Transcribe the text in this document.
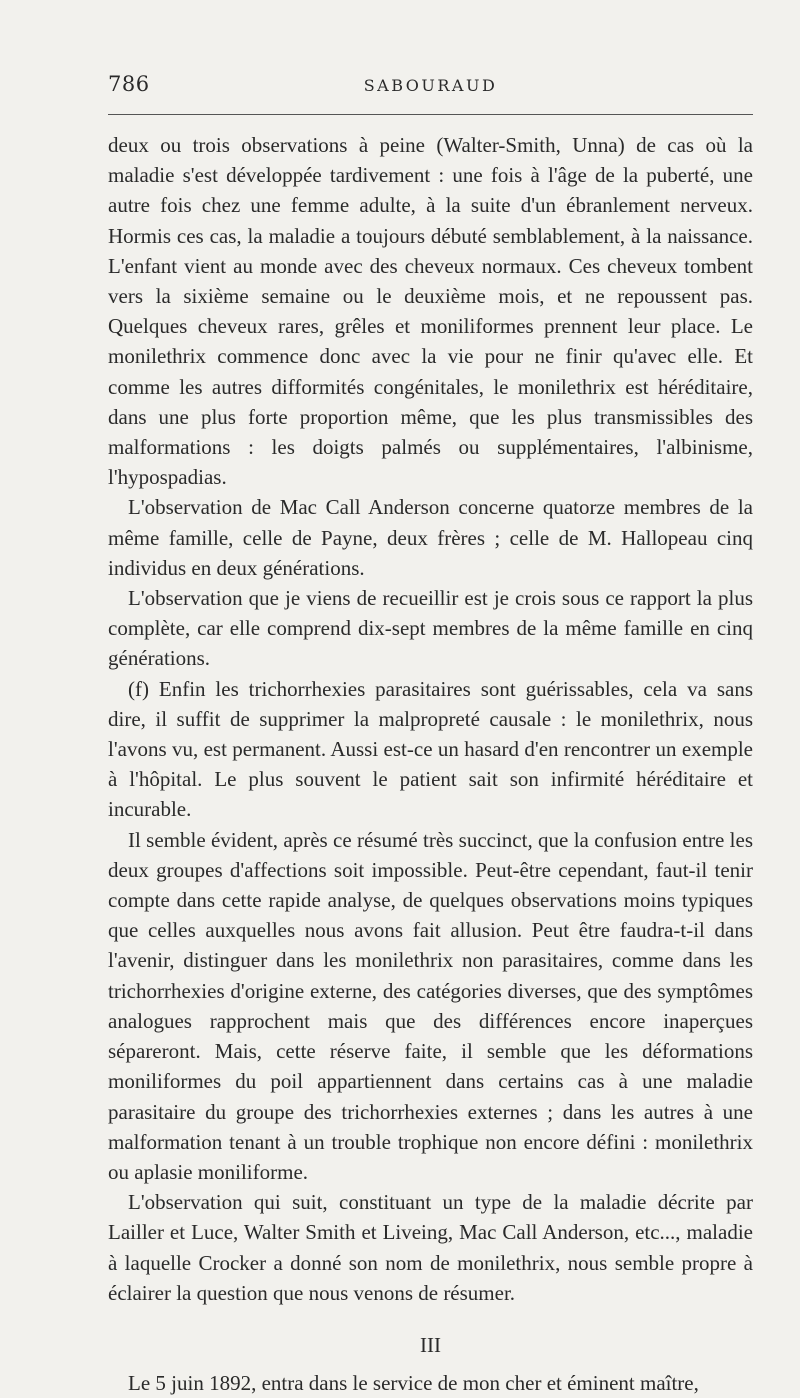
786	SABOURAUD

deux ou trois observations à peine (Walter-Smith, Unna) de cas où la maladie s'est développée tardivement : une fois à l'âge de la puberté, une autre fois chez une femme adulte, à la suite d'un ébranlement nerveux. Hormis ces cas, la maladie a toujours débuté semblablement, à la naissance. L'enfant vient au monde avec des cheveux normaux. Ces cheveux tombent vers la sixième semaine ou le deuxième mois, et ne repoussent pas. Quelques cheveux rares, grêles et moniliformes prennent leur place. Le monilethrix commence donc avec la vie pour ne finir qu'avec elle. Et comme les autres difformités congénitales, le monilethrix est héréditaire, dans une plus forte proportion même, que les plus transmissibles des malformations : les doigts palmés ou supplémentaires, l'albinisme, l'hypospadias.

L'observation de Mac Call Anderson concerne quatorze membres de la même famille, celle de Payne, deux frères ; celle de M. Hallopeau cinq individus en deux générations.

L'observation que je viens de recueillir est je crois sous ce rapport la plus complète, car elle comprend dix-sept membres de la même famille en cinq générations.

(f) Enfin les trichorrhexies parasitaires sont guérissables, cela va sans dire, il suffit de supprimer la malpropreté causale : le monilethrix, nous l'avons vu, est permanent. Aussi est-ce un hasard d'en rencontrer un exemple à l'hôpital. Le plus souvent le patient sait son infirmité héréditaire et incurable.

Il semble évident, après ce résumé très succinct, que la confusion entre les deux groupes d'affections soit impossible. Peut-être cependant, faut-il tenir compte dans cette rapide analyse, de quelques observations moins typiques que celles auxquelles nous avons fait allusion. Peut être faudra-t-il dans l'avenir, distinguer dans les monilethrix non parasitaires, comme dans les trichorrhexies d'origine externe, des catégories diverses, que des symptômes analogues rapprochent mais que des différences encore inaperçues sépareront. Mais, cette réserve faite, il semble que les déformations moniliformes du poil appartiennent dans certains cas à une maladie parasitaire du groupe des trichorrhexies externes ; dans les autres à une malformation tenant à un trouble trophique non encore défini : monilethrix ou aplasie moniliforme.

L'observation qui suit, constituant un type de la maladie décrite par Lailler et Luce, Walter Smith et Liveing, Mac Call Anderson, etc..., maladie à laquelle Crocker a donné son nom de monilethrix, nous semble propre à éclairer la question que nous venons de résumer.

III

Le 5 juin 1892, entra dans le service de mon cher et éminent maître,
